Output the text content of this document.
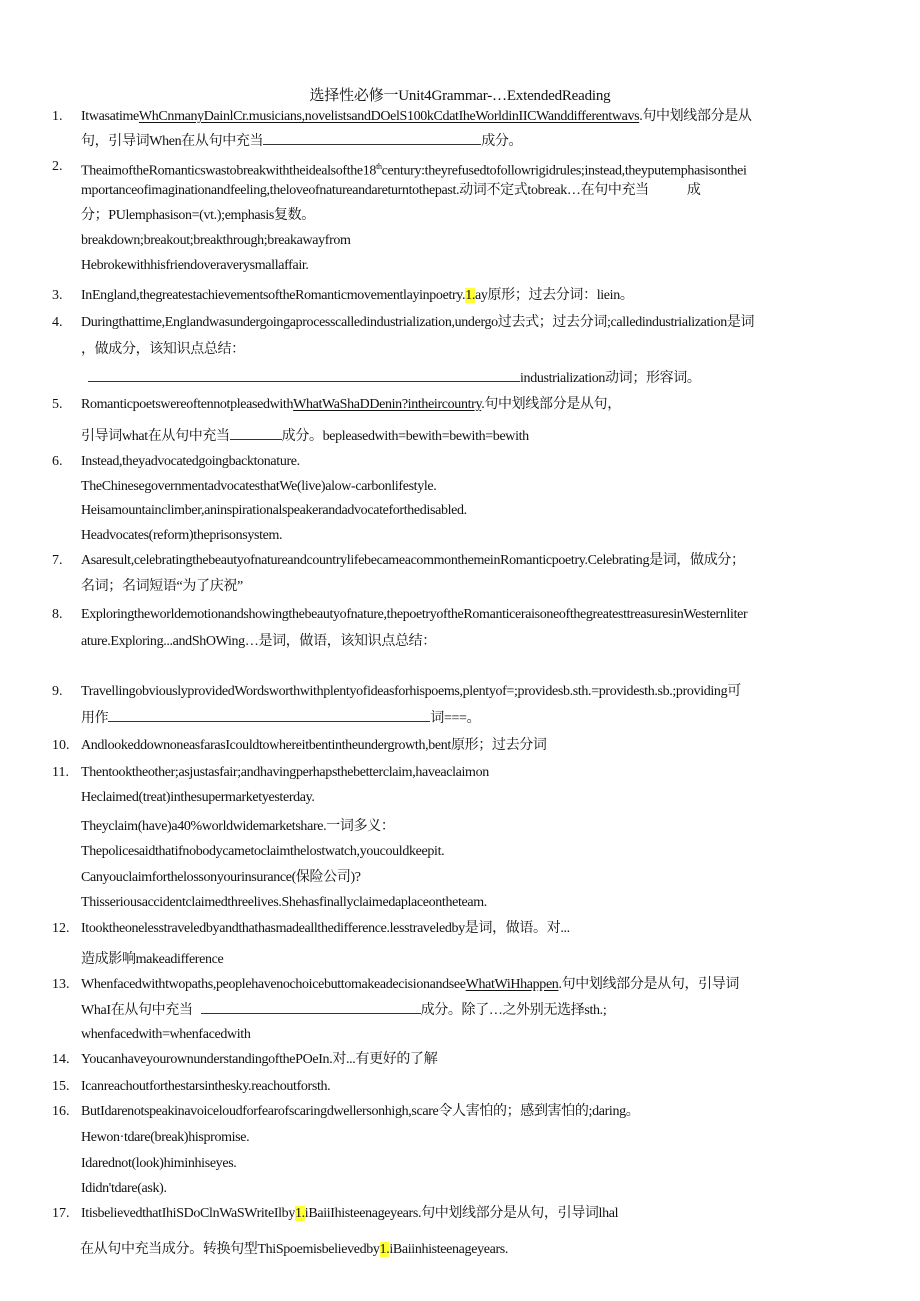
选择性必修一Unit4Grammar-…ExtendedReading
1. ItwasatimeWhCnmanyDainlCr.musicians,novelistsandDOelS100kCdatIheWorldinIICWanddifferentwavs.句中划线部分是从
句，引导词When在从句中充当	成分。
2. TheaimoftheRomanticswastobreakwiththeidealsofthe18thcentury:theyrefusedtofollowrigidrules;instead,theyputemphasisonthei
mportanceofimaginationandfeeling,theloveofnatureandareturntothepast.动词不定式tobreak…在句中充当	成
分；PUlemphasison=(vt.);emphasis复数。
breakdown;breakout;breakthrough;breakawayfrom
Hebrokewithhisfriendoveraverysmallaffair.
3. InEngland,thegreatestachievementsoftheRomanticmovementlayinpoetry.1.ay原形；过去分词：liein。
4. Duringthattime,Englandwasundergoingaprocesscalledindustrialization,undergo过去式；过去分词;calledindustrialization是词
，做成分，该知识点总结：
industrialization动词；形容词。
5. RomanticpoetswereoftennotpleasedwithWhatWaShaDDenin?intheircountry.句中划线部分是从句，
引导词what在从句中充当	成分。bepleasedwith=bewith=bewith=bewith
6. Instead,theyadvocatedgoingbacktonature.
TheChinesegovernmentadvocatesthatWe(live)alow-carbonlifestyle.
Heisamountainclimber,aninspirationalspeakerandadvocateforthedisabled.
Headvocates(reform)theprisonsystem.
7. Asaresult,celebratingthebeautyofnatureandcountrylifebecameacommonthemeinRomanticpoetry.Celebrating是词，做成分；
名词；名词短语“为了庆祝”
8. Exploringtheworldemotionandshowingthebeautyofnature,thepoetryoftheRomanticeraisoneofthegreatesttreasuresinWesternliter
ature.Exploring...andShOWing…是词，做语，该知识点总结：
9. TravellingobviouslyprovidedWordsworthwithplentyofideasforhispoems,plentyof=;providesb.sth.=providesth.sb.;providing可
用作	词===。
10. AndlookeddownoneasfarasIcouldtowhereitbentintheundergrowth,bent原形；过去分词
11. Thentooktheother;asjustasfair;andhavingperhapsthebetterclaim,haveaclaimon
Heclaimed(treat)inthesupermarketyesterday.
Theyclaim(have)a40%worldwidemarketshare.一词多义：
Thepolicesaidthatifnobodycametoclaimthelostwatch,youcouldkeepit.
Canyouclaimforthelossonyourinsurance(保险公司)?
Thisseriousaccidentclaimedthreelives.Shehasfinallyclaimedaplaceontheteam.
12. Itooktheonelesstraveledbyandthathasmadeallthedifference.lesstraveledby是词，做语。对...
造成影响makeadifference
13. Whenfacedwithtwopaths,peoplehavenochoicebuttomakeadecisionandseeWhatWiHhappen.句中划线部分是从句，引导词
WhaI在从句中充当	成分。除了…之外别无选择sth.;
whenfacedwith=whenfacedwith
14. YoucanhaveyourownunderstandingofthePOeIn.对...有更好的了解
15. Icanreachoutforthestarsinthesky.reachoutforsth.
16. ButIdarenotspeakinavoiceloudforfearofscaringdwellersonhigh,scare令人害怕的；感到害怕的;daring。
Hewon·tdare(break)hispromise.
Idarednot(look)himinhiseyes.
Ididn'tdare(ask).
17. ItisbelievedthatIhiSDoClnWaSWriteIlby1.iBaiiIhisteenageyears.句中划线部分是从句，引导词lhal
在从句中充当成分。转换句型ThiSpoemisbelievedby1.iBaiinhisteenageyears.
